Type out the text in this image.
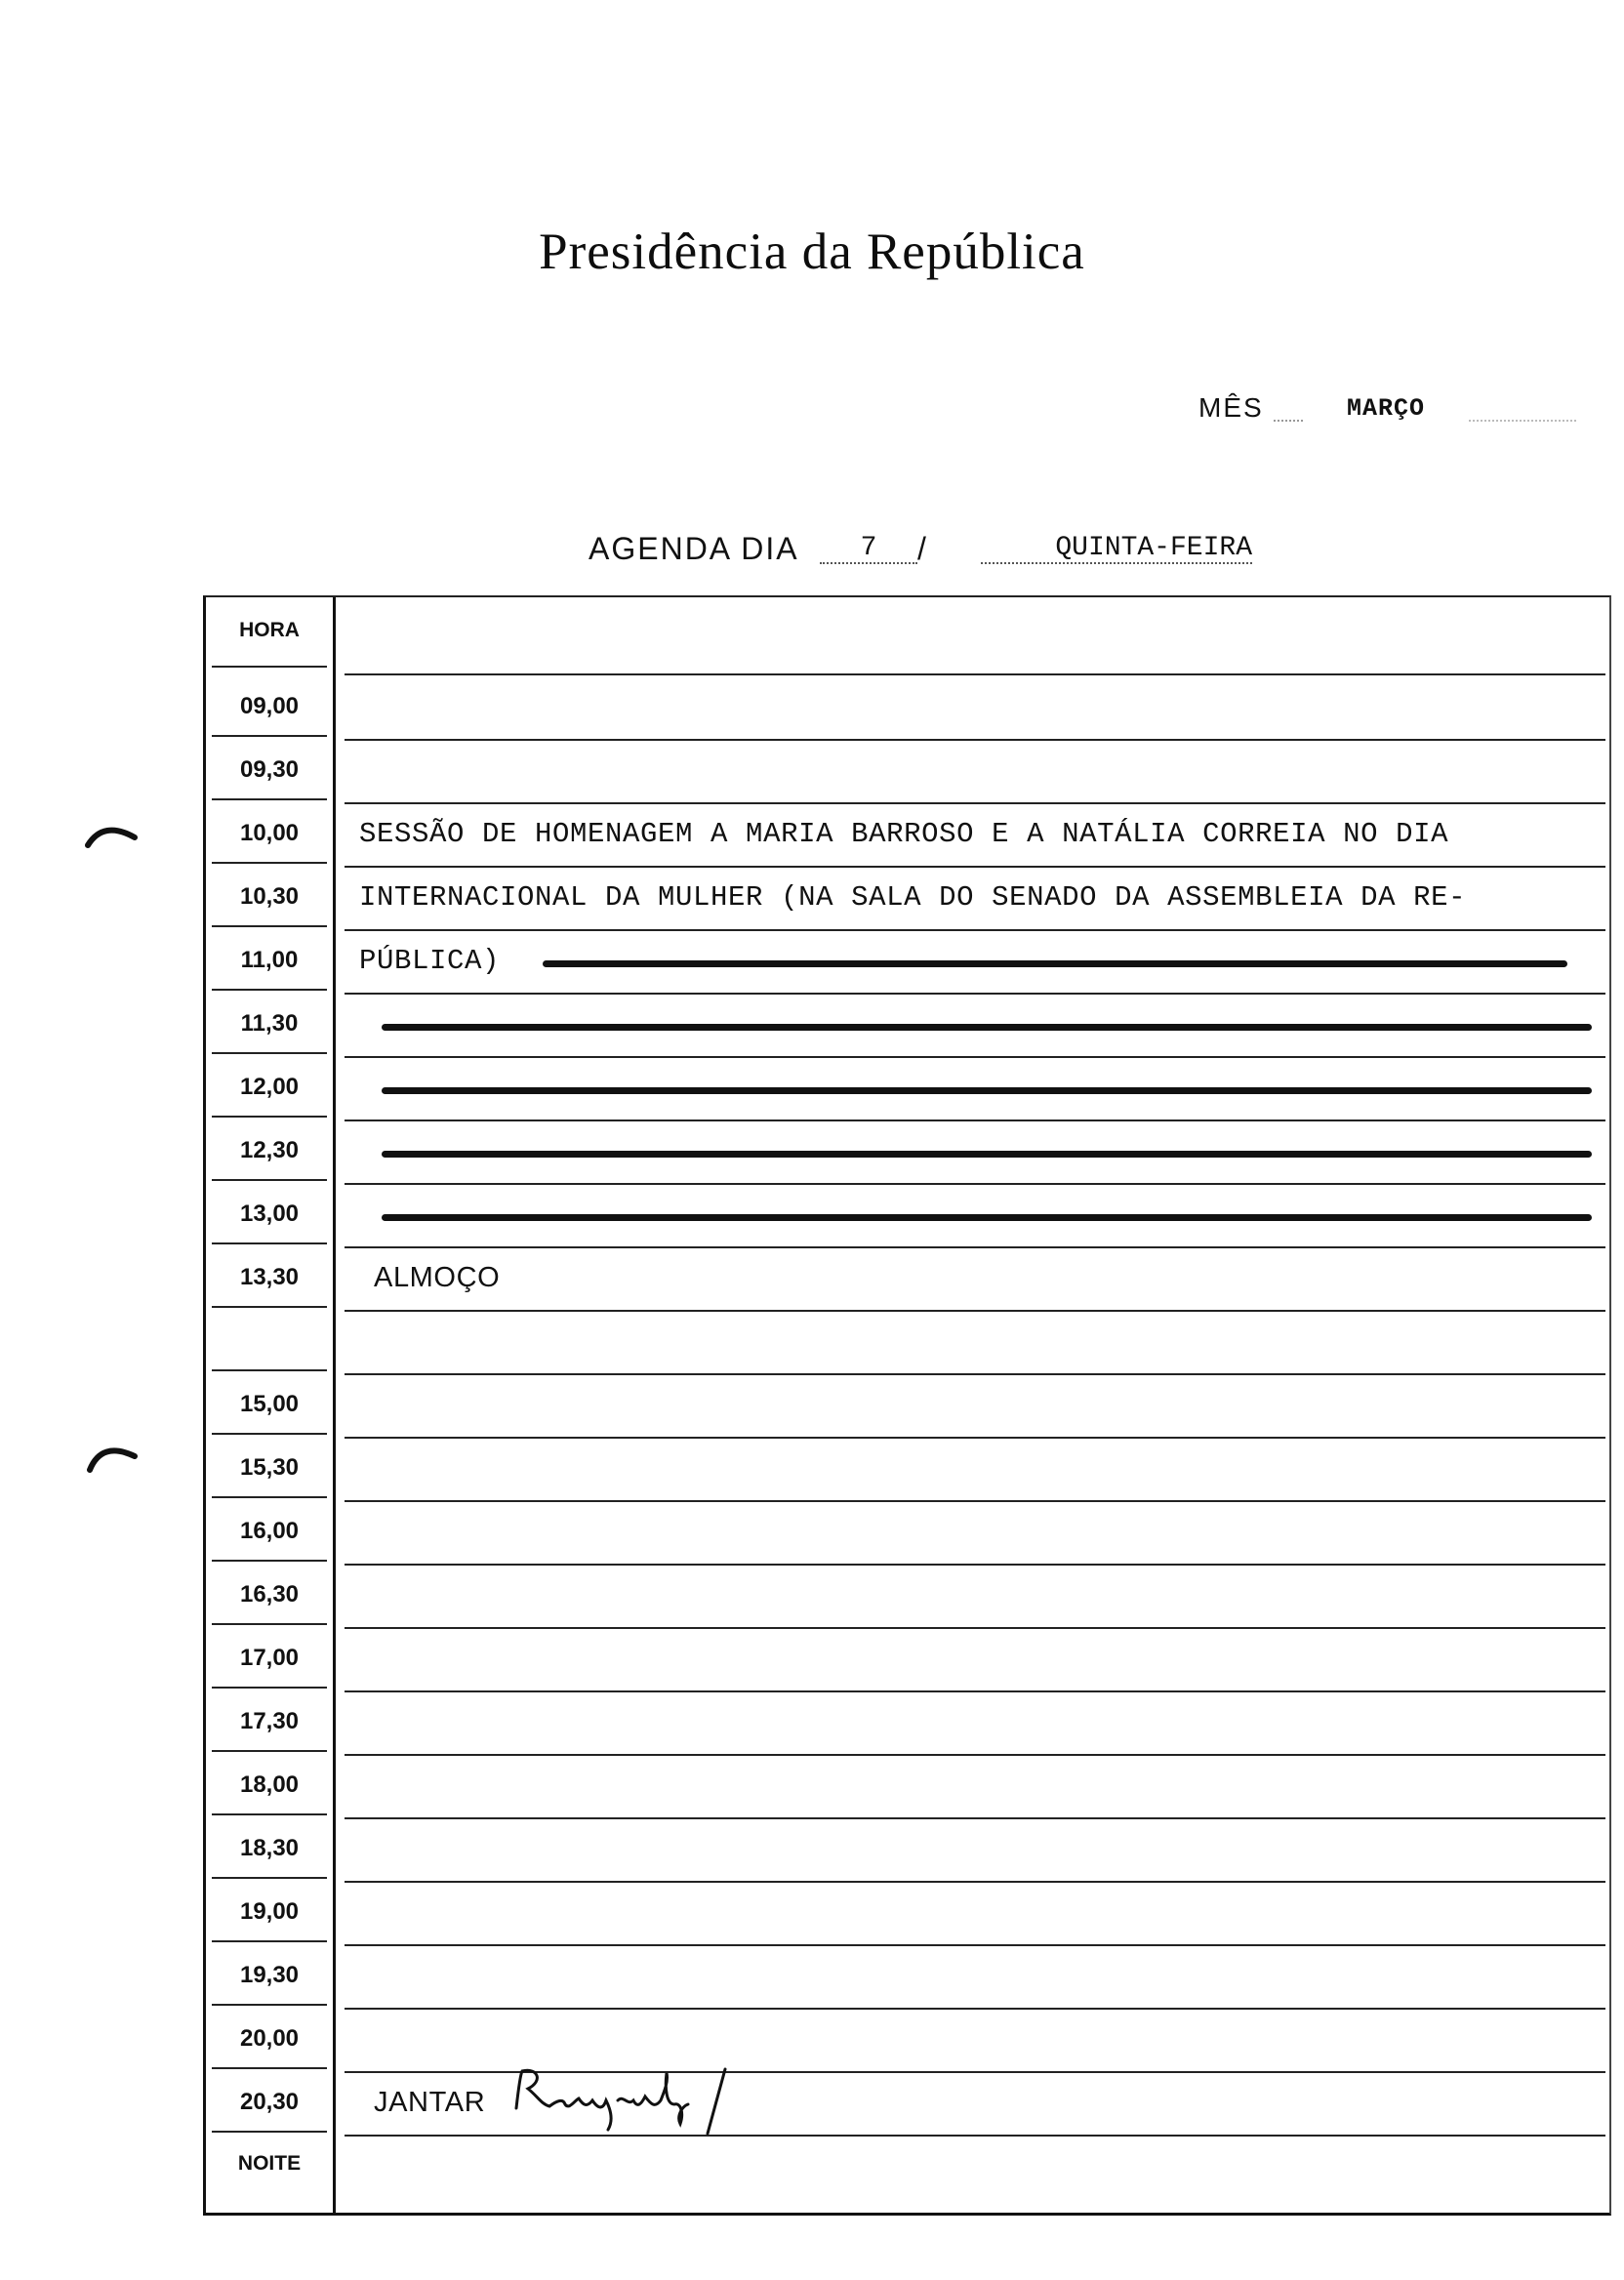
Presidência da República
MÊS	MARÇO
AGENDA DIA	7	/	QUINTA-FEIRA
HORA
09,00
09,30
10,00	SESSÃO DE HOMENAGEM A MARIA BARROSO E A NATÁLIA CORREIA NO DIA
10,30	INTERNACIONAL DA MULHER (NA SALA DO SENADO DA ASSEMBLEIA DA RE-
11,00	PÚBLICA)
11,30
12,00
12,30
13,00
13,30	ALMOÇO
15,00
15,30
16,00
16,30
17,00
17,30
18,00
18,30
19,00
19,30
20,00
20,30	JANTAR
NOITE
